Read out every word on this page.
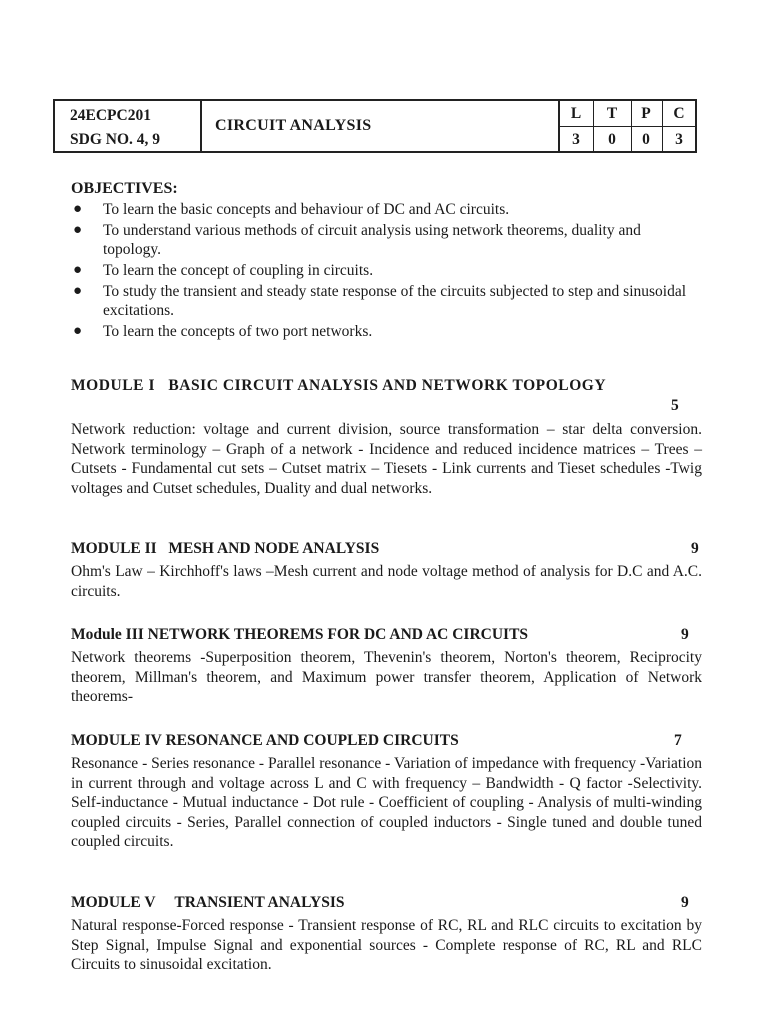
24ECPC201
SDG NO. 4, 9
CIRCUIT ANALYSIS
L	T	P	C
3	0	0	3
OBJECTIVES:
● To learn the basic concepts and behaviour of DC and AC circuits.
● To understand various methods of circuit analysis using network theorems, duality and topology.
● To learn the concept of coupling in circuits.
● To study the transient and steady state response of the circuits subjected to step and sinusoidal excitations.
● To learn the concepts of two port networks.
MODULE I   BASIC CIRCUIT ANALYSIS AND NETWORK TOPOLOGY
5
Network reduction: voltage and current division, source transformation – star delta conversion. Network terminology – Graph of a network - Incidence and reduced incidence matrices – Trees –Cutsets - Fundamental cut sets – Cutset matrix – Tiesets - Link currents and Tieset schedules -Twig voltages and Cutset schedules, Duality and dual networks.
MODULE II   MESH AND NODE ANALYSIS	9
Ohm's Law – Kirchhoff's laws –Mesh current and node voltage method of analysis for D.C and A.C. circuits.
Module III NETWORK THEOREMS FOR DC AND AC CIRCUITS	9
Network theorems -Superposition theorem, Thevenin's theorem, Norton's theorem, Reciprocity theorem, Millman's theorem, and Maximum power transfer theorem, Application of Network theorems-
MODULE IV RESONANCE AND COUPLED CIRCUITS	7
Resonance - Series resonance - Parallel resonance - Variation of impedance with frequency -Variation in current through and voltage across L and C with frequency – Bandwidth - Q factor -Selectivity. Self-inductance - Mutual inductance - Dot rule - Coefficient of coupling - Analysis of multi-winding coupled circuits - Series, Parallel connection of coupled inductors - Single tuned and double tuned coupled circuits.
MODULE V     TRANSIENT ANALYSIS	9
Natural response-Forced response - Transient response of RC, RL and RLC circuits to excitation by Step Signal, Impulse Signal and exponential sources - Complete response of RC, RL and RLC Circuits to sinusoidal excitation.
